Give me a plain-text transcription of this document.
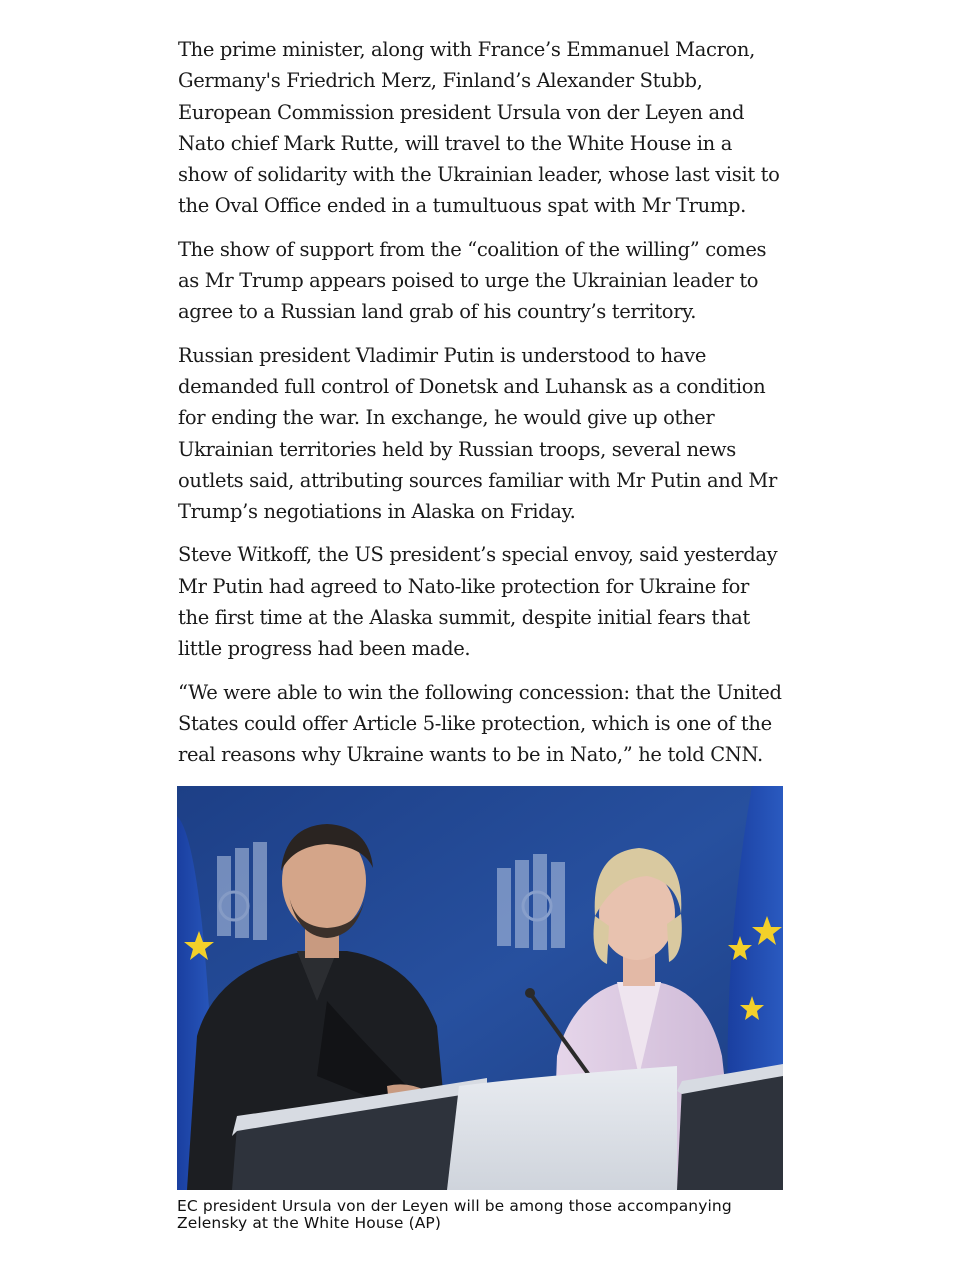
The prime minister, along with France’s Emmanuel Macron, Germany's Friedrich Merz, Finland’s Alexander Stubb, European Commission president Ursula von der Leyen and Nato chief Mark Rutte, will travel to the White House in a show of solidarity with the Ukrainian leader, whose last visit to the Oval Office ended in a tumultuous spat with Mr Trump.

The show of support from the “coalition of the willing” comes as Mr Trump appears poised to urge the Ukrainian leader to agree to a Russian land grab of his country’s territory.

Russian president Vladimir Putin is understood to have demanded full control of Donetsk and Luhansk as a condition for ending the war. In exchange, he would give up other Ukrainian territories held by Russian troops, several news outlets said, attributing sources familiar with Mr Putin and Mr Trump’s negotiations in Alaska on Friday.

Steve Witkoff, the US president’s special envoy, said yesterday Mr Putin had agreed to Nato-like protection for Ukraine for the first time at the Alaska summit, despite initial fears that little progress had been made.

“We were able to win the following concession: that the United States could offer Article 5-like protection, which is one of the real reasons why Ukraine wants to be in Nato,” he told CNN.

EC president Ursula von der Leyen will be among those accompanying Zelensky at the White House (AP)
